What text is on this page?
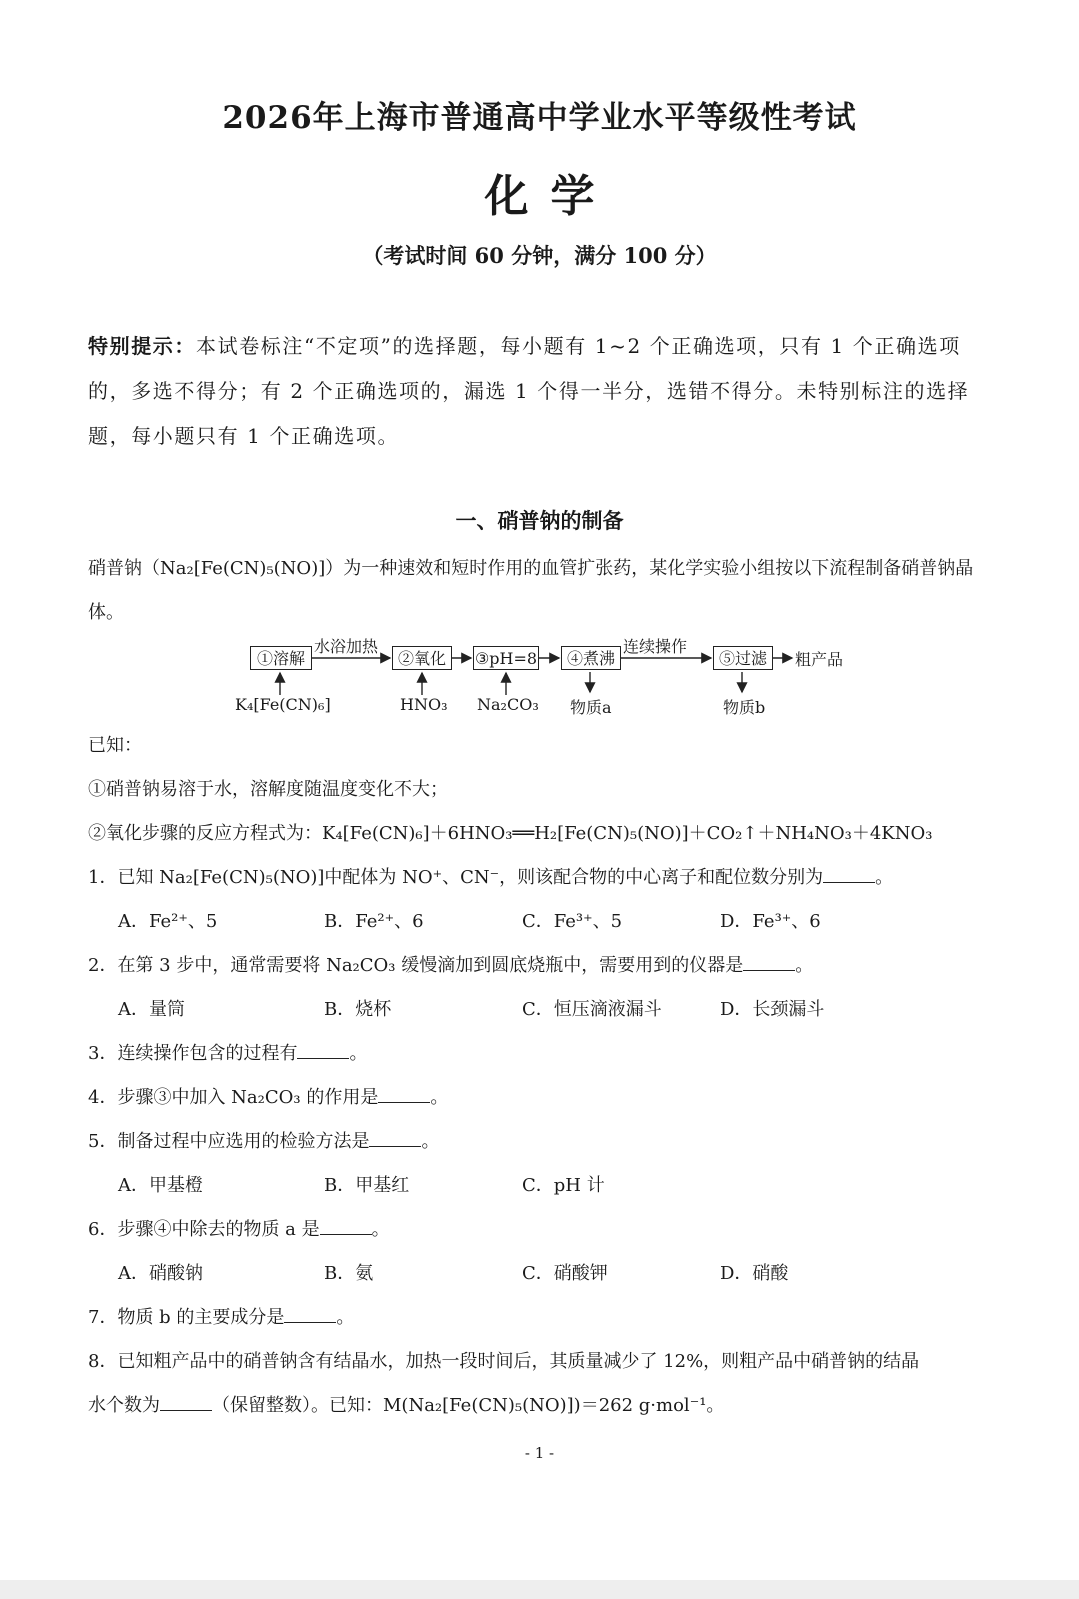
2026年上海市普通高中学业水平等级性考试
化学
（考试时间 60 分钟，满分 100 分）
特别提示：本试卷标注“不定项”的选择题，每小题有 1~2 个正确选项，只有 1 个正确选项的，多选不得分；有 2 个正确选项的，漏选 1 个得一半分，选错不得分。未特别标注的选择题，每小题只有 1 个正确选项。
一、硝普钠的制备
硝普钠（Na₂[Fe(CN)₅(NO)]）为一种速效和短时作用的血管扩张药，某化学实验小组按以下流程制备硝普钠晶体。
①溶解	②氧化	③pH=8	④煮沸	⑤过滤
水浴加热	连续操作
粗产品
K₄[Fe(CN)₆]	HNO₃ Na₂CO₃ 物质a	物质b
已知：
①硝普钠易溶于水，溶解度随温度变化不大；
②氧化步骤的反应方程式为：K₄[Fe(CN)₆]＋6HNO₃══H₂[Fe(CN)₅(NO)]＋CO₂↑＋NH₄NO₃＋4KNO₃
1．已知 Na₂[Fe(CN)₅(NO)]中配体为 NO⁺、CN⁻，则该配合物的中心离子和配位数分别为	。
A．Fe²⁺、5	B．Fe²⁺、6	C．Fe³⁺、5	D．Fe³⁺、6
2．在第 3 步中，通常需要将 Na₂CO₃ 缓慢滴加到圆底烧瓶中，需要用到的仪器是	。
A．量筒	B．烧杯	C．恒压滴液漏斗	D．长颈漏斗
3．连续操作包含的过程有	。
4．步骤③中加入 Na₂CO₃ 的作用是	。
5．制备过程中应选用的检验方法是	。
A．甲基橙	B．甲基红	C．pH 计
6．步骤④中除去的物质 a 是	。
A．硝酸钠	B．氨	C．硝酸钾	D．硝酸
7．物质 b 的主要成分是	。
8．已知粗产品中的硝普钠含有结晶水，加热一段时间后，其质量减少了 12%，则粗产品中硝普钠的结晶
水个数为	（保留整数）。已知：M(Na₂[Fe(CN)₅(NO)])＝262 g·mol⁻¹。
- 1 -
